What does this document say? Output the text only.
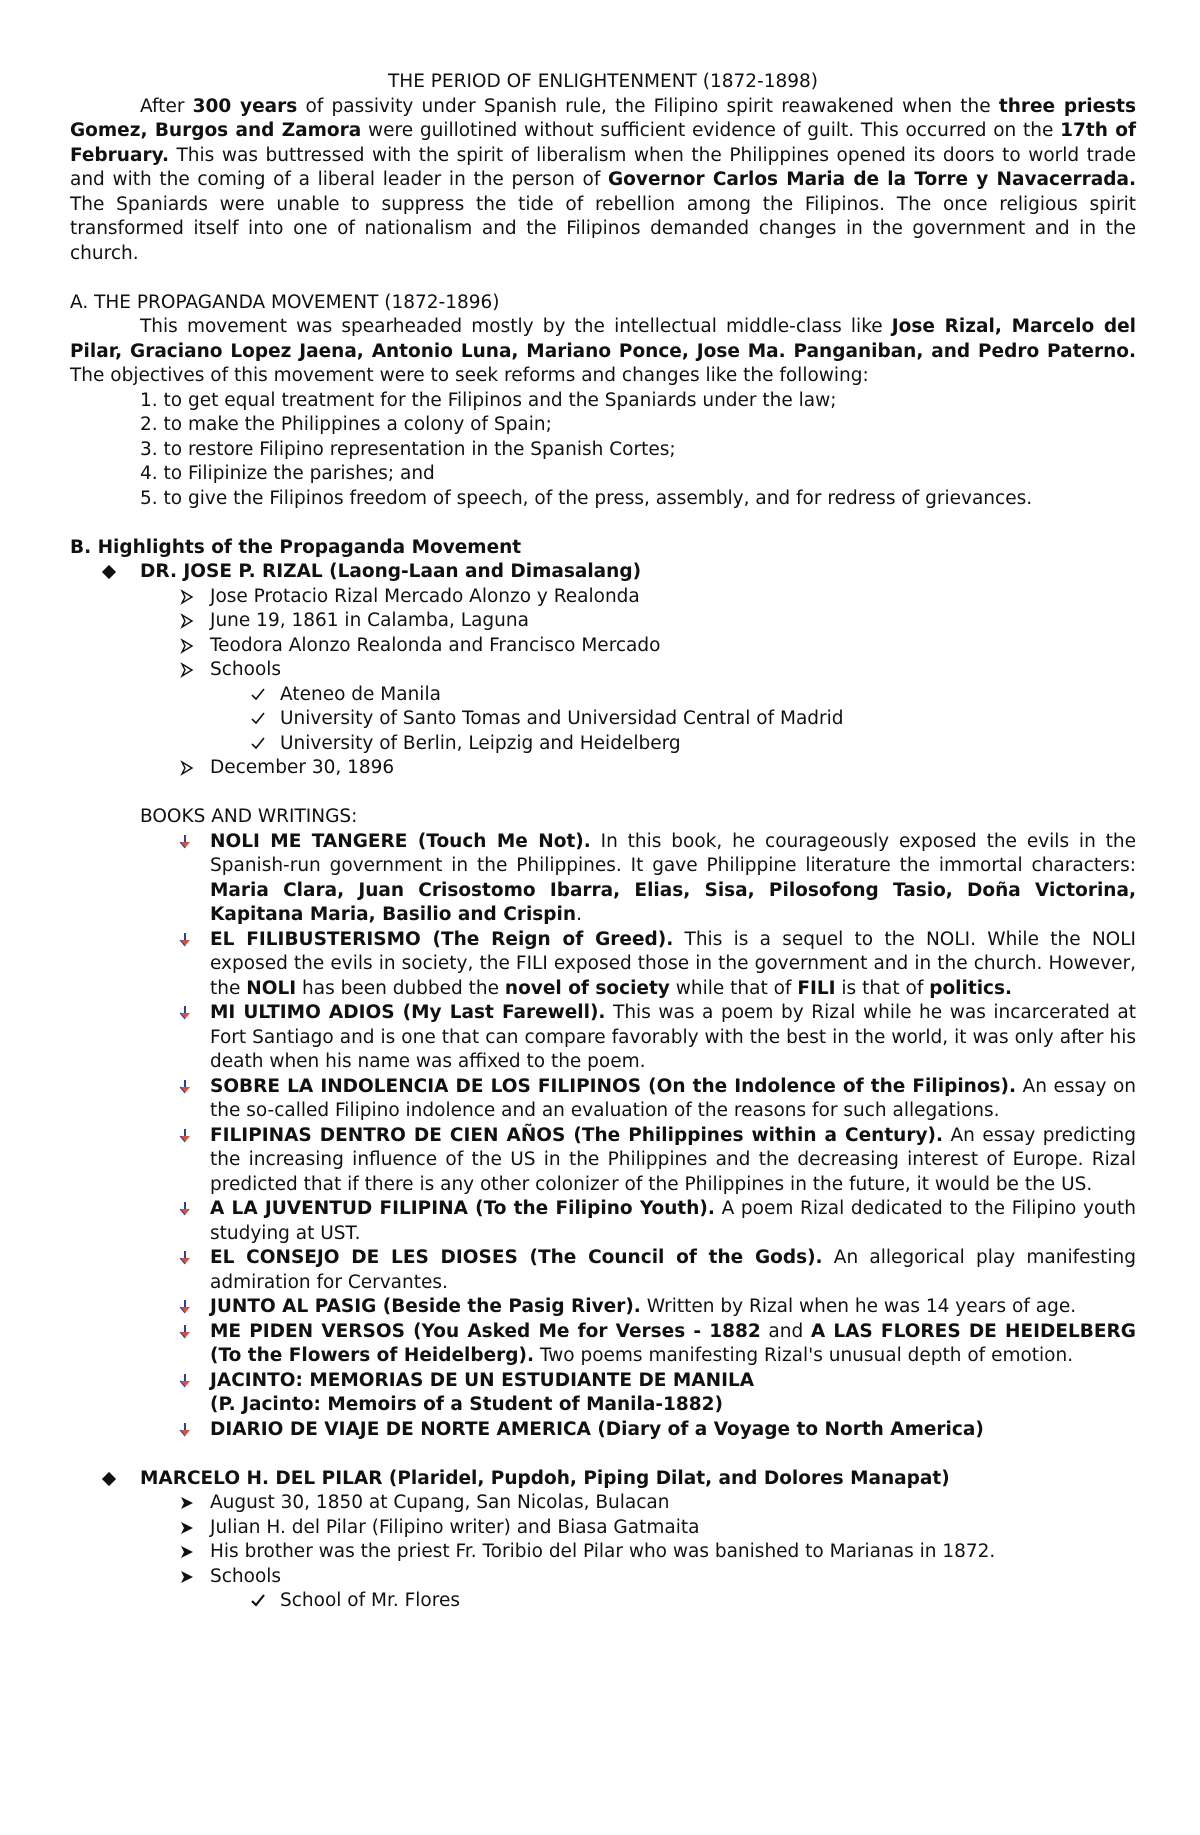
THE PERIOD OF ENLIGHTENMENT (1872-1898)

After 300 years of passivity under Spanish rule, the Filipino spirit reawakened when the three priests Gomez, Burgos and Zamora were guillotined without sufficient evidence of guilt. This occurred on the 17th of February. This was buttressed with the spirit of liberalism when the Philippines opened its doors to world trade and with the coming of a liberal leader in the person of Governor Carlos Maria de la Torre y Navacerrada. The Spaniards were unable to suppress the tide of rebellion among the Filipinos. The once religious spirit transformed itself into one of nationalism and the Filipinos demanded changes in the government and in the church.

A. THE PROPAGANDA MOVEMENT (1872-1896)

This movement was spearheaded mostly by the intellectual middle-class like Jose Rizal, Marcelo del Pilar, Graciano Lopez Jaena, Antonio Luna, Mariano Ponce, Jose Ma. Panganiban, and Pedro Paterno. The objectives of this movement were to seek reforms and changes like the following:

1. to get equal treatment for the Filipinos and the Spaniards under the law;
2. to make the Philippines a colony of Spain;
3. to restore Filipino representation in the Spanish Cortes;
4. to Filipinize the parishes; and
5. to give the Filipinos freedom of speech, of the press, assembly, and for redress of grievances.

B. Highlights of the Propaganda Movement

DR. JOSE P. RIZAL (Laong-Laan and Dimasalang)
Jose Protacio Rizal Mercado Alonzo y Realonda
June 19, 1861 in Calamba, Laguna
Teodora Alonzo Realonda and Francisco Mercado
Schools
Ateneo de Manila
University of Santo Tomas and Universidad Central of Madrid
University of Berlin, Leipzig and Heidelberg
December 30, 1896

BOOKS AND WRITINGS:

NOLI ME TANGERE (Touch Me Not). In this book, he courageously exposed the evils in the Spanish-run government in the Philippines. It gave Philippine literature the immortal characters: Maria Clara, Juan Crisostomo Ibarra, Elias, Sisa, Pilosofong Tasio, Doña Victorina, Kapitana Maria, Basilio and Crispin.
EL FILIBUSTERISMO (The Reign of Greed). This is a sequel to the NOLI. While the NOLI exposed the evils in society, the FILI exposed those in the government and in the church. However, the NOLI has been dubbed the novel of society while that of FILI is that of politics.
MI ULTIMO ADIOS (My Last Farewell). This was a poem by Rizal while he was incarcerated at Fort Santiago and is one that can compare favorably with the best in the world, it was only after his death when his name was affixed to the poem.
SOBRE LA INDOLENCIA DE LOS FILIPINOS (On the Indolence of the Filipinos). An essay on the so-called Filipino indolence and an evaluation of the reasons for such allegations.
FILIPINAS DENTRO DE CIEN AÑOS (The Philippines within a Century). An essay predicting the increasing influence of the US in the Philippines and the decreasing interest of Europe. Rizal predicted that if there is any other colonizer of the Philippines in the future, it would be the US.
A LA JUVENTUD FILIPINA (To the Filipino Youth). A poem Rizal dedicated to the Filipino youth studying at UST.
EL CONSEJO DE LES DIOSES (The Council of the Gods). An allegorical play manifesting admiration for Cervantes.
JUNTO AL PASIG (Beside the Pasig River). Written by Rizal when he was 14 years of age.
ME PIDEN VERSOS (You Asked Me for Verses - 1882 and A LAS FLORES DE HEIDELBERG (To the Flowers of Heidelberg). Two poems manifesting Rizal's unusual depth of emotion.
JACINTO: MEMORIAS DE UN ESTUDIANTE DE MANILA
(P. Jacinto: Memoirs of a Student of Manila-1882)
DIARIO DE VIAJE DE NORTE AMERICA (Diary of a Voyage to North America)
MARCELO H. DEL PILAR (Plaridel, Pupdoh, Piping Dilat, and Dolores Manapat)
August 30, 1850 at Cupang, San Nicolas, Bulacan
Julian H. del Pilar (Filipino writer) and Biasa Gatmaita
His brother was the priest Fr. Toribio del Pilar who was banished to Marianas in 1872.
Schools
School of Mr. Flores
